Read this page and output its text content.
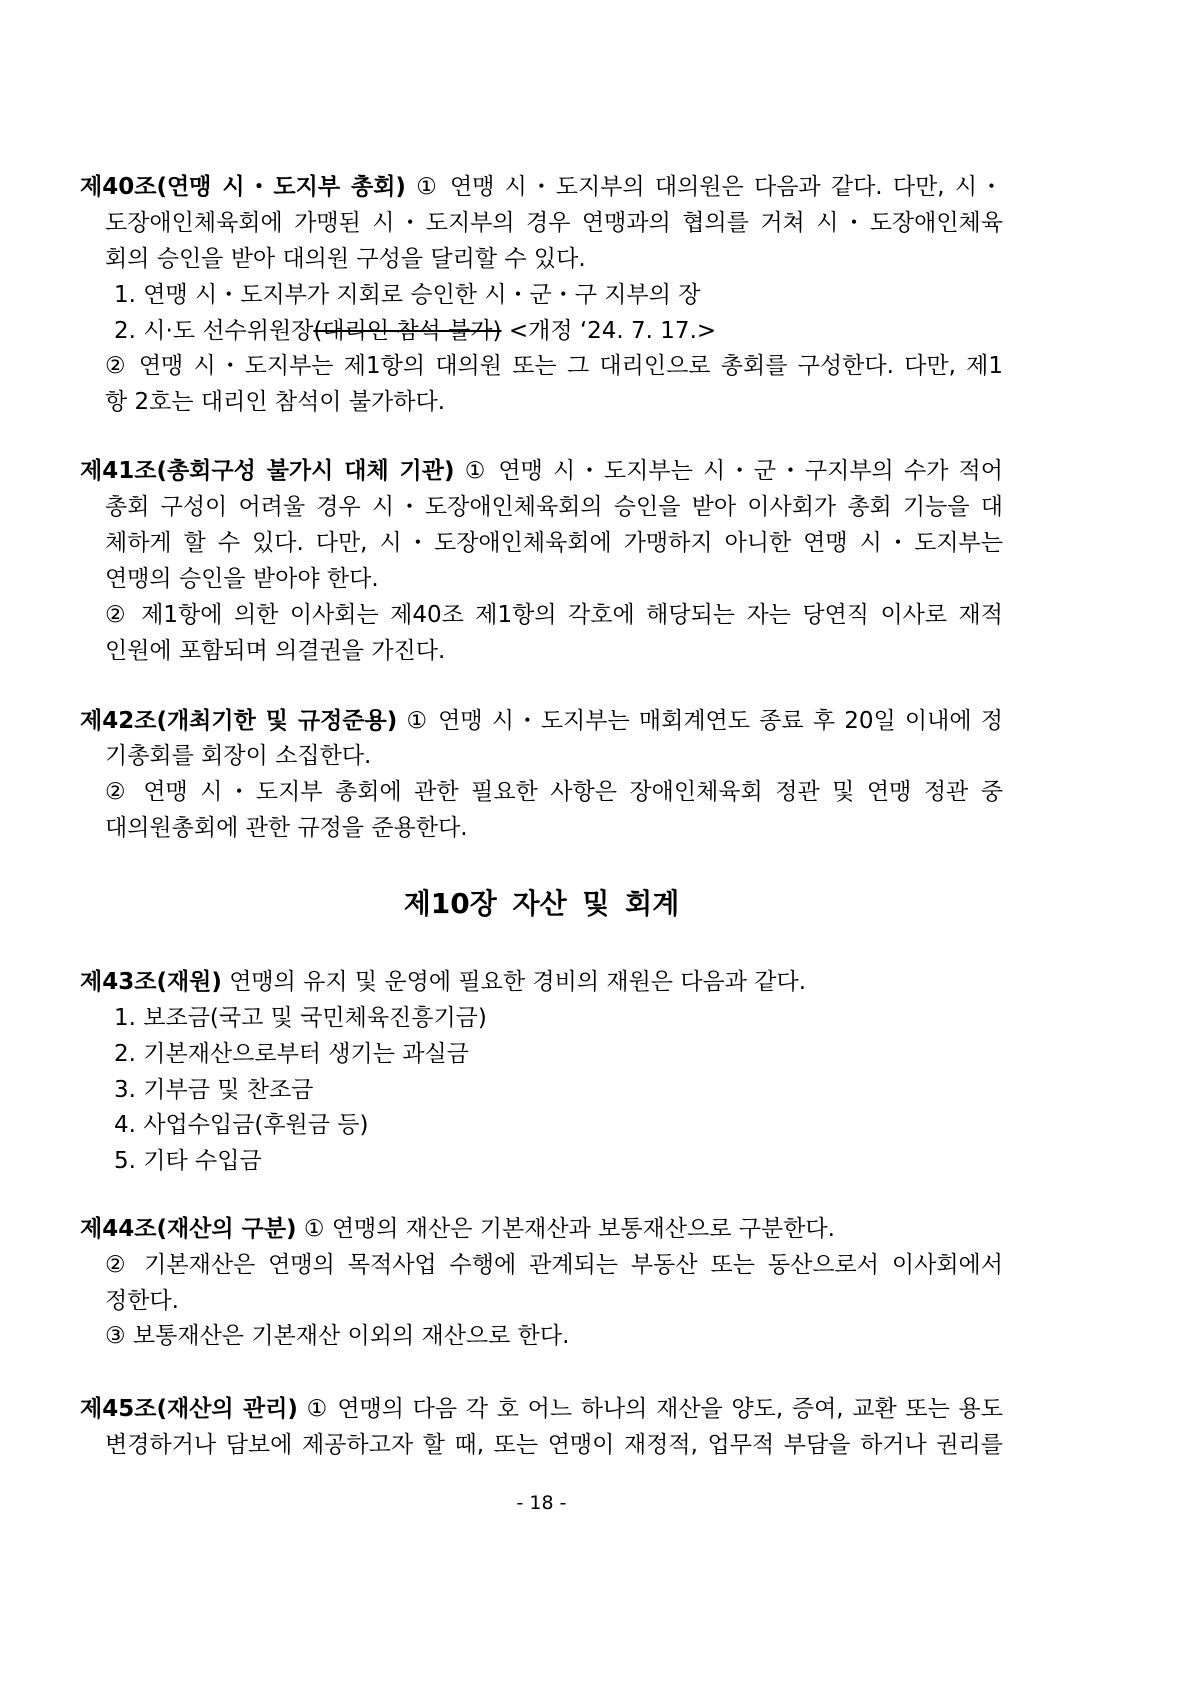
제40조(연맹 시・도지부 총회) ① 연맹 시・도지부의 대의원은 다음과 같다. 다만, 시・
도장애인체육회에 가맹된 시・도지부의 경우 연맹과의 협의를 거쳐 시・도장애인체육
회의 승인을 받아 대의원 구성을 달리할 수 있다.
1. 연맹 시・도지부가 지회로 승인한 시・군・구 지부의 장
2. 시·도 선수위원장(대리인 참석 불가) <개정 ‘24. 7. 17.>
② 연맹 시・도지부는 제1항의 대의원 또는 그 대리인으로 총회를 구성한다. 다만, 제1
항 2호는 대리인 참석이 불가하다.
제41조(총회구성 불가시 대체 기관) ① 연맹 시・도지부는 시・군・구지부의 수가 적어
총회 구성이 어려울 경우 시・도장애인체육회의 승인을 받아 이사회가 총회 기능을 대
체하게 할 수 있다. 다만, 시・도장애인체육회에 가맹하지 아니한 연맹 시・도지부는
연맹의 승인을 받아야 한다.
② 제1항에 의한 이사회는 제40조 제1항의 각호에 해당되는 자는 당연직 이사로 재적
인원에 포함되며 의결권을 가진다.
제42조(개최기한 및 규정준용) ① 연맹 시・도지부는 매회계연도 종료 후 20일 이내에 정
기총회를 회장이 소집한다.
② 연맹 시・도지부 총회에 관한 필요한 사항은 장애인체육회 정관 및 연맹 정관 중
대의원총회에 관한 규정을 준용한다.
제10장 자산 및 회계
제43조(재원) 연맹의 유지 및 운영에 필요한 경비의 재원은 다음과 같다.
1. 보조금(국고 및 국민체육진흥기금)
2. 기본재산으로부터 생기는 과실금
3. 기부금 및 찬조금
4. 사업수입금(후원금 등)
5. 기타 수입금
제44조(재산의 구분) ① 연맹의 재산은 기본재산과 보통재산으로 구분한다.
② 기본재산은 연맹의 목적사업 수행에 관계되는 부동산 또는 동산으로서 이사회에서
정한다.
③ 보통재산은 기본재산 이외의 재산으로 한다.
제45조(재산의 관리) ① 연맹의 다음 각 호 어느 하나의 재산을 양도, 증여, 교환 또는 용도
변경하거나 담보에 제공하고자 할 때, 또는 연맹이 재정적, 업무적 부담을 하거나 권리를
- 18 -
